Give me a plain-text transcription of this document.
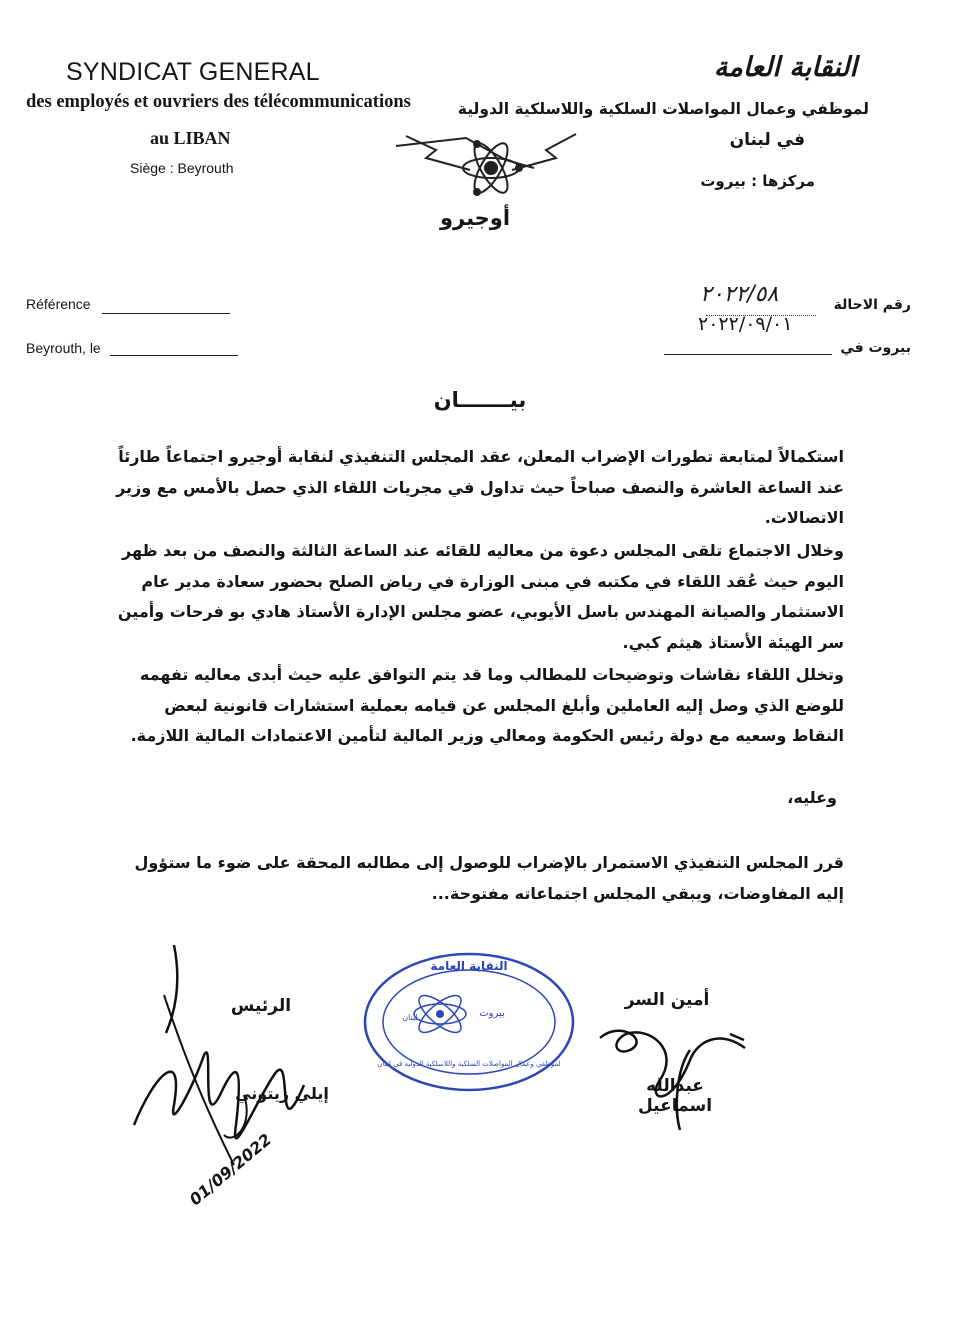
SYNDICAT GENERAL
des employés et ouvriers des télécommunications
au LIBAN
Siège : Beyrouth
النقابة العامة
لموظفي وعمال المواصلات السلكية واللاسلكية الدولية
في لبنان
مركزها : بيروت
أوجيرو
Référence
Beyrouth, le
رقم الاحالة
٢٠٢٢/٥٨
٢٠٢٢/٠٩/٠١
بيروت في
بيـــــــان
استكمالاً لمتابعة تطورات الإضراب المعلن، عقد المجلس التنفيذي لنقابة أوجيرو اجتماعاً طارئاً عند الساعة العاشرة والنصف صباحاً حيث تداول في مجريات اللقاء الذي حصل بالأمس مع وزير الاتصالات.
وخلال الاجتماع تلقى المجلس دعوة من معاليه للقائه عند الساعة الثالثة والنصف من بعد ظهر اليوم حيث عُقد اللقاء في مكتبه في مبنى الوزارة في رياض الصلح بحضور سعادة مدير عام الاستثمار والصيانة المهندس باسل الأيوبي، عضو مجلس الإدارة الأستاذ هادي بو فرحات وأمين سر الهيئة الأستاذ هيثم كبي.
وتخلل اللقاء نقاشات وتوضيحات للمطالب وما قد يتم التوافق عليه حيث أبدى معاليه تفهمه للوضع الذي وصل إليه العاملين وأبلغ المجلس عن قيامه بعملية استشارات قانونية لبعض النقاط وسعيه مع دولة رئيس الحكومة ومعالي وزير المالية لتأمين الاعتمادات المالية اللازمة.
وعليه،
قرر المجلس التنفيذي الاستمرار بالإضراب للوصول إلى مطالبه المحقة على ضوء ما ستؤول إليه المفاوضات، ويبقي المجلس اجتماعاته مفتوحة...
النقابة العامة
بيروت
لبنان
لموظفي وعمال المواصلات السلكية واللاسلكية الدولية في لبنان
أمين السر
عبدالله اسماعيل
الرئيس
إيلي زيتوني
01/09/2022
